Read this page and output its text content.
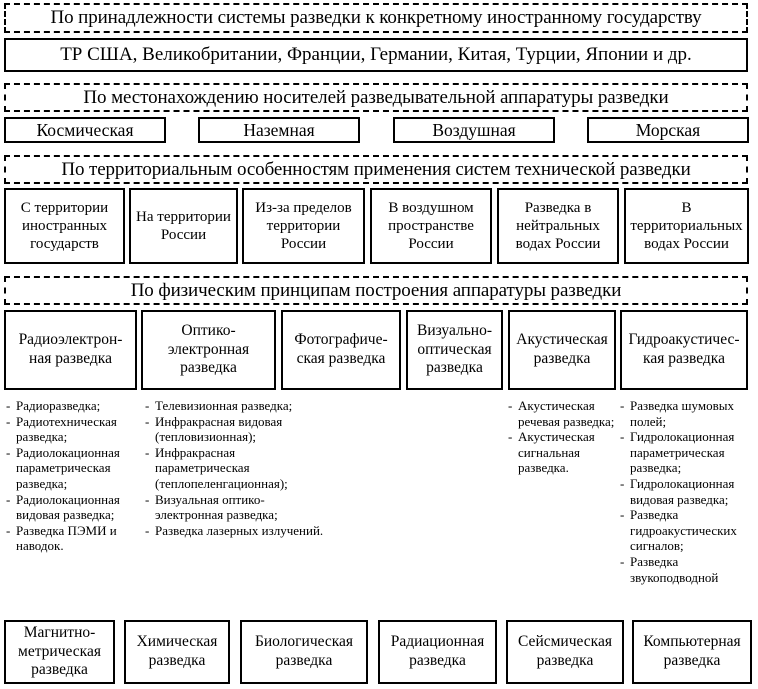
По принадлежности системы разведки к конкретному иностранному государству
ТР США, Великобритании, Франции, Германии, Китая, Турции, Японии и др.
По местонахождению носителей разведывательной аппаратуры разведки
Космическая	Наземная	Воздушная	Морская
По территориальным особенностям применения систем технической разведки
С территории иностранных государств
На территории России
Из-за пределов территории России
В воздушном пространстве России
Разведка в нейтральных водах России
В территориальных водах России
По физическим принципам построения аппаратуры разведки
Радиоэлектрон-ная разведка
Оптико-электронная разведка
Фотографиче-ская разведка
Визуально-оптическая разведка
Акустическая разведка
Гидроакустичес-кая разведка
- Радиоразведка;
- Радиотехническая разведка;
- Радиолокационная параметрическая разведка;
- Радиолокационная видовая разведка;
- Разведка ПЭМИ и наводок.
- Телевизионная разведка;
- Инфракрасная видовая (тепловизионная);
- Инфракрасная параметрическая (теплопеленгационная);
- Визуальная оптико-электронная разведка;
- Разведка лазерных излучений.
- Акустическая речевая разведка;
- Акустическая сигнальная разведка.
- Разведка шумовых полей;
- Гидролокационная параметрическая разведка;
- Гидролокационная видовая разведка;
- Разведка гидроакустических сигналов;
- Разведка звукоподводной
Магнитно-метрическая разведка
Химическая разведка
Биологическая разведка
Радиационная разведка
Сейсмическая разведка
Компьютерная разведка
